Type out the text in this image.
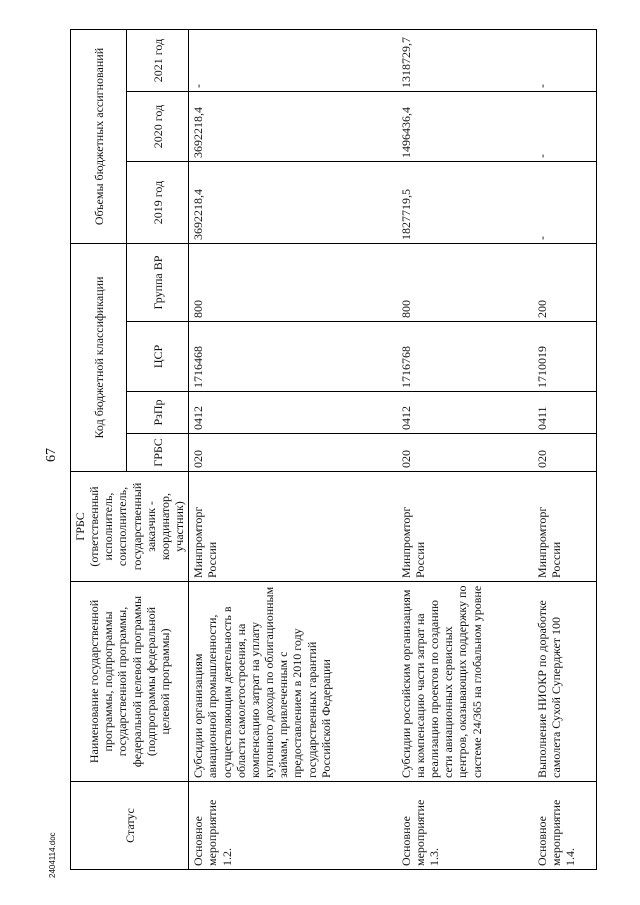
67
Статус	Наименование государственной программы, подпрограммы государственной программы, федеральной целевой программы (подпрограммы федеральной целевой программы)	ГРБС (ответственный исполнитель, соисполнитель, государственный заказчик - координатор, участник)	Код бюджетной классификации				Объемы бюджетных ассигнований		
			ГРБС	РзПр	ЦСР	Группа ВР	2019 год	2020 год	2021 год
Основное мероприятие 1.2.	Субсидии организациям авиационной промышленности, осуществляющим деятельность в области самолетостроения, на компенсацию затрат на уплату купонного дохода по облигационным займам, привлеченным с предоставлением в 2010 году государственных гарантий Российской Федерации	Минпромторг России	020	0412	1716468	800	3692218,4	3692218,4	-
Основное мероприятие 1.3.	Субсидии российским организациям на компенсацию части затрат на реализацию проектов по созданию сети авиационных сервисных центров, оказывающих поддержку по системе 24/365 на глобальном уровне	Минпромторг России	020	0412	1716768	800	1827719,5	1496436,4	1318729,7
Основное мероприятие 1.4.	Выполнение НИОКР по доработке самолета Сухой Суперджет 100	Минпромторг России	020	0411	1710019	200	-	-	-
2404114.doc
